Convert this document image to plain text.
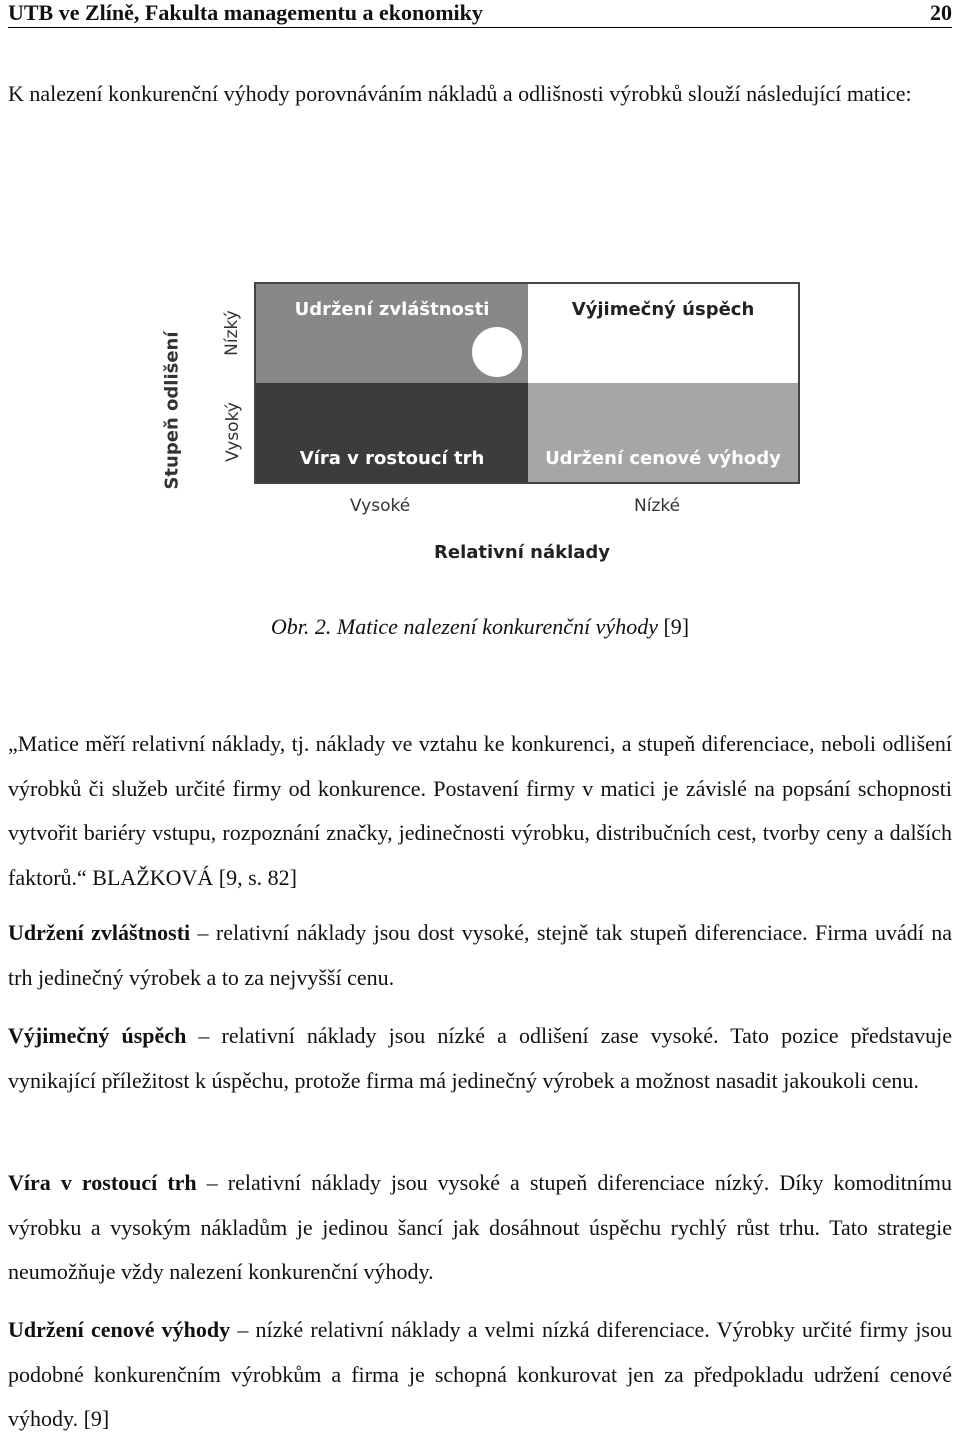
UTB ve Zlíně, Fakulta managementu a ekonomiky	20

K nalezení konkurenční výhody porovnáváním nákladů a odlišnosti výrobků slouží následující matice:

Stupeň odlišení Nízký
Vysoký
Udržení zvláštnosti	Výjimečný úspěch
Víra v rostoucí trh	Udržení cenové výhody
Vysoké	Nízké
Relativní náklady
Obr. 2. Matice nalezení konkurenční výhody [9]

„Matice měří relativní náklady, tj. náklady ve vztahu ke konkurenci, a stupeň diferenciace, neboli odlišení výrobků či služeb určité firmy od konkurence. Postavení firmy v matici je závislé na popsání schopnosti vytvořit bariéry vstupu, rozpoznání značky, jedinečnosti výrobku, distribučních cest, tvorby ceny a dalších faktorů.“ BLAŽKOVÁ [9, s. 82]

Udržení zvláštnosti – relativní náklady jsou dost vysoké, stejně tak stupeň diferenciace. Firma uvádí na trh jedinečný výrobek a to za nejvyšší cenu.

Výjimečný úspěch – relativní náklady jsou nízké a odlišení zase vysoké. Tato pozice představuje vynikající příležitost k úspěchu, protože firma má jedinečný výrobek a možnost nasadit jakoukoli cenu.

Víra v rostoucí trh – relativní náklady jsou vysoké a stupeň diferenciace nízký. Díky komoditnímu výrobku a vysokým nákladům je jedinou šancí jak dosáhnout úspěchu rychlý růst trhu. Tato strategie neumožňuje vždy nalezení konkurenční výhody.

Udržení cenové výhody – nízké relativní náklady a velmi nízká diferenciace. Výrobky určité firmy jsou podobné konkurenčním výrobkům a firma je schopná konkurovat jen za předpokladu udržení cenové výhody. [9]
